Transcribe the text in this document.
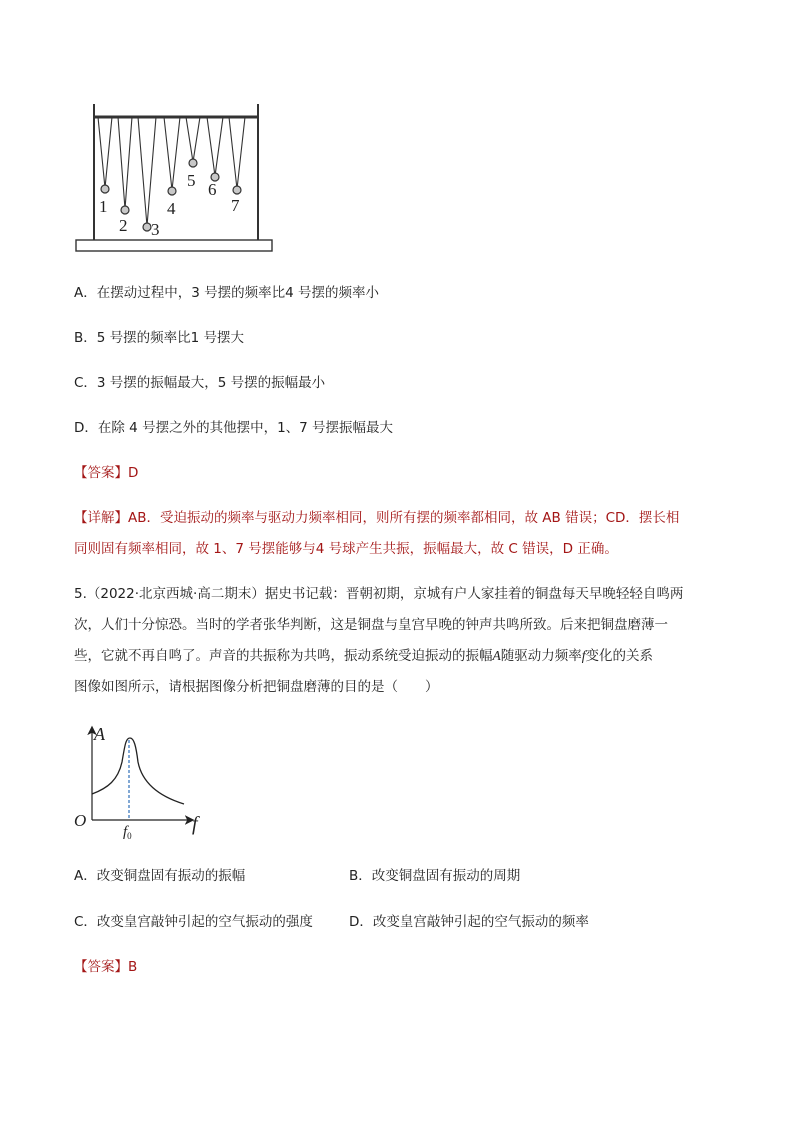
1
2 3
4
5 6
7
A．在摆动过程中，3 号摆的频率比4 号摆的频率小
B．5 号摆的频率比1 号摆大
C．3 号摆的振幅最大，5 号摆的振幅最小
D．在除 4 号摆之外的其他摆中，1、7 号摆振幅最大
【答案】D
【详解】AB．受迫振动的频率与驱动力频率相同，则所有摆的频率都相同，故 AB 错误；CD．摆长相
同则固有频率相同，故 1、7 号摆能够与4 号球产生共振，振幅最大，故 C 错误，D 正确。
5.（2022·北京西城·高二期末）据史书记载：晋朝初期，京城有户人家挂着的铜盘每天早晚轻轻自鸣两
次，人们十分惊恐。当时的学者张华判断，这是铜盘与皇宫早晚的钟声共鸣所致。后来把铜盘磨薄一
些，它就不再自鸣了。声音的共振称为共鸣，振动系统受迫振动的振幅A随驱动力频率f变化的关系
图像如图所示，请根据图像分析把铜盘磨薄的目的是（　　）
A
O	f
$f_0$
A．改变铜盘固有振动的振幅	B．改变铜盘固有振动的周期
C．改变皇宫敲钟引起的空气振动的强度	D．改变皇宫敲钟引起的空气振动的频率
【答案】B
